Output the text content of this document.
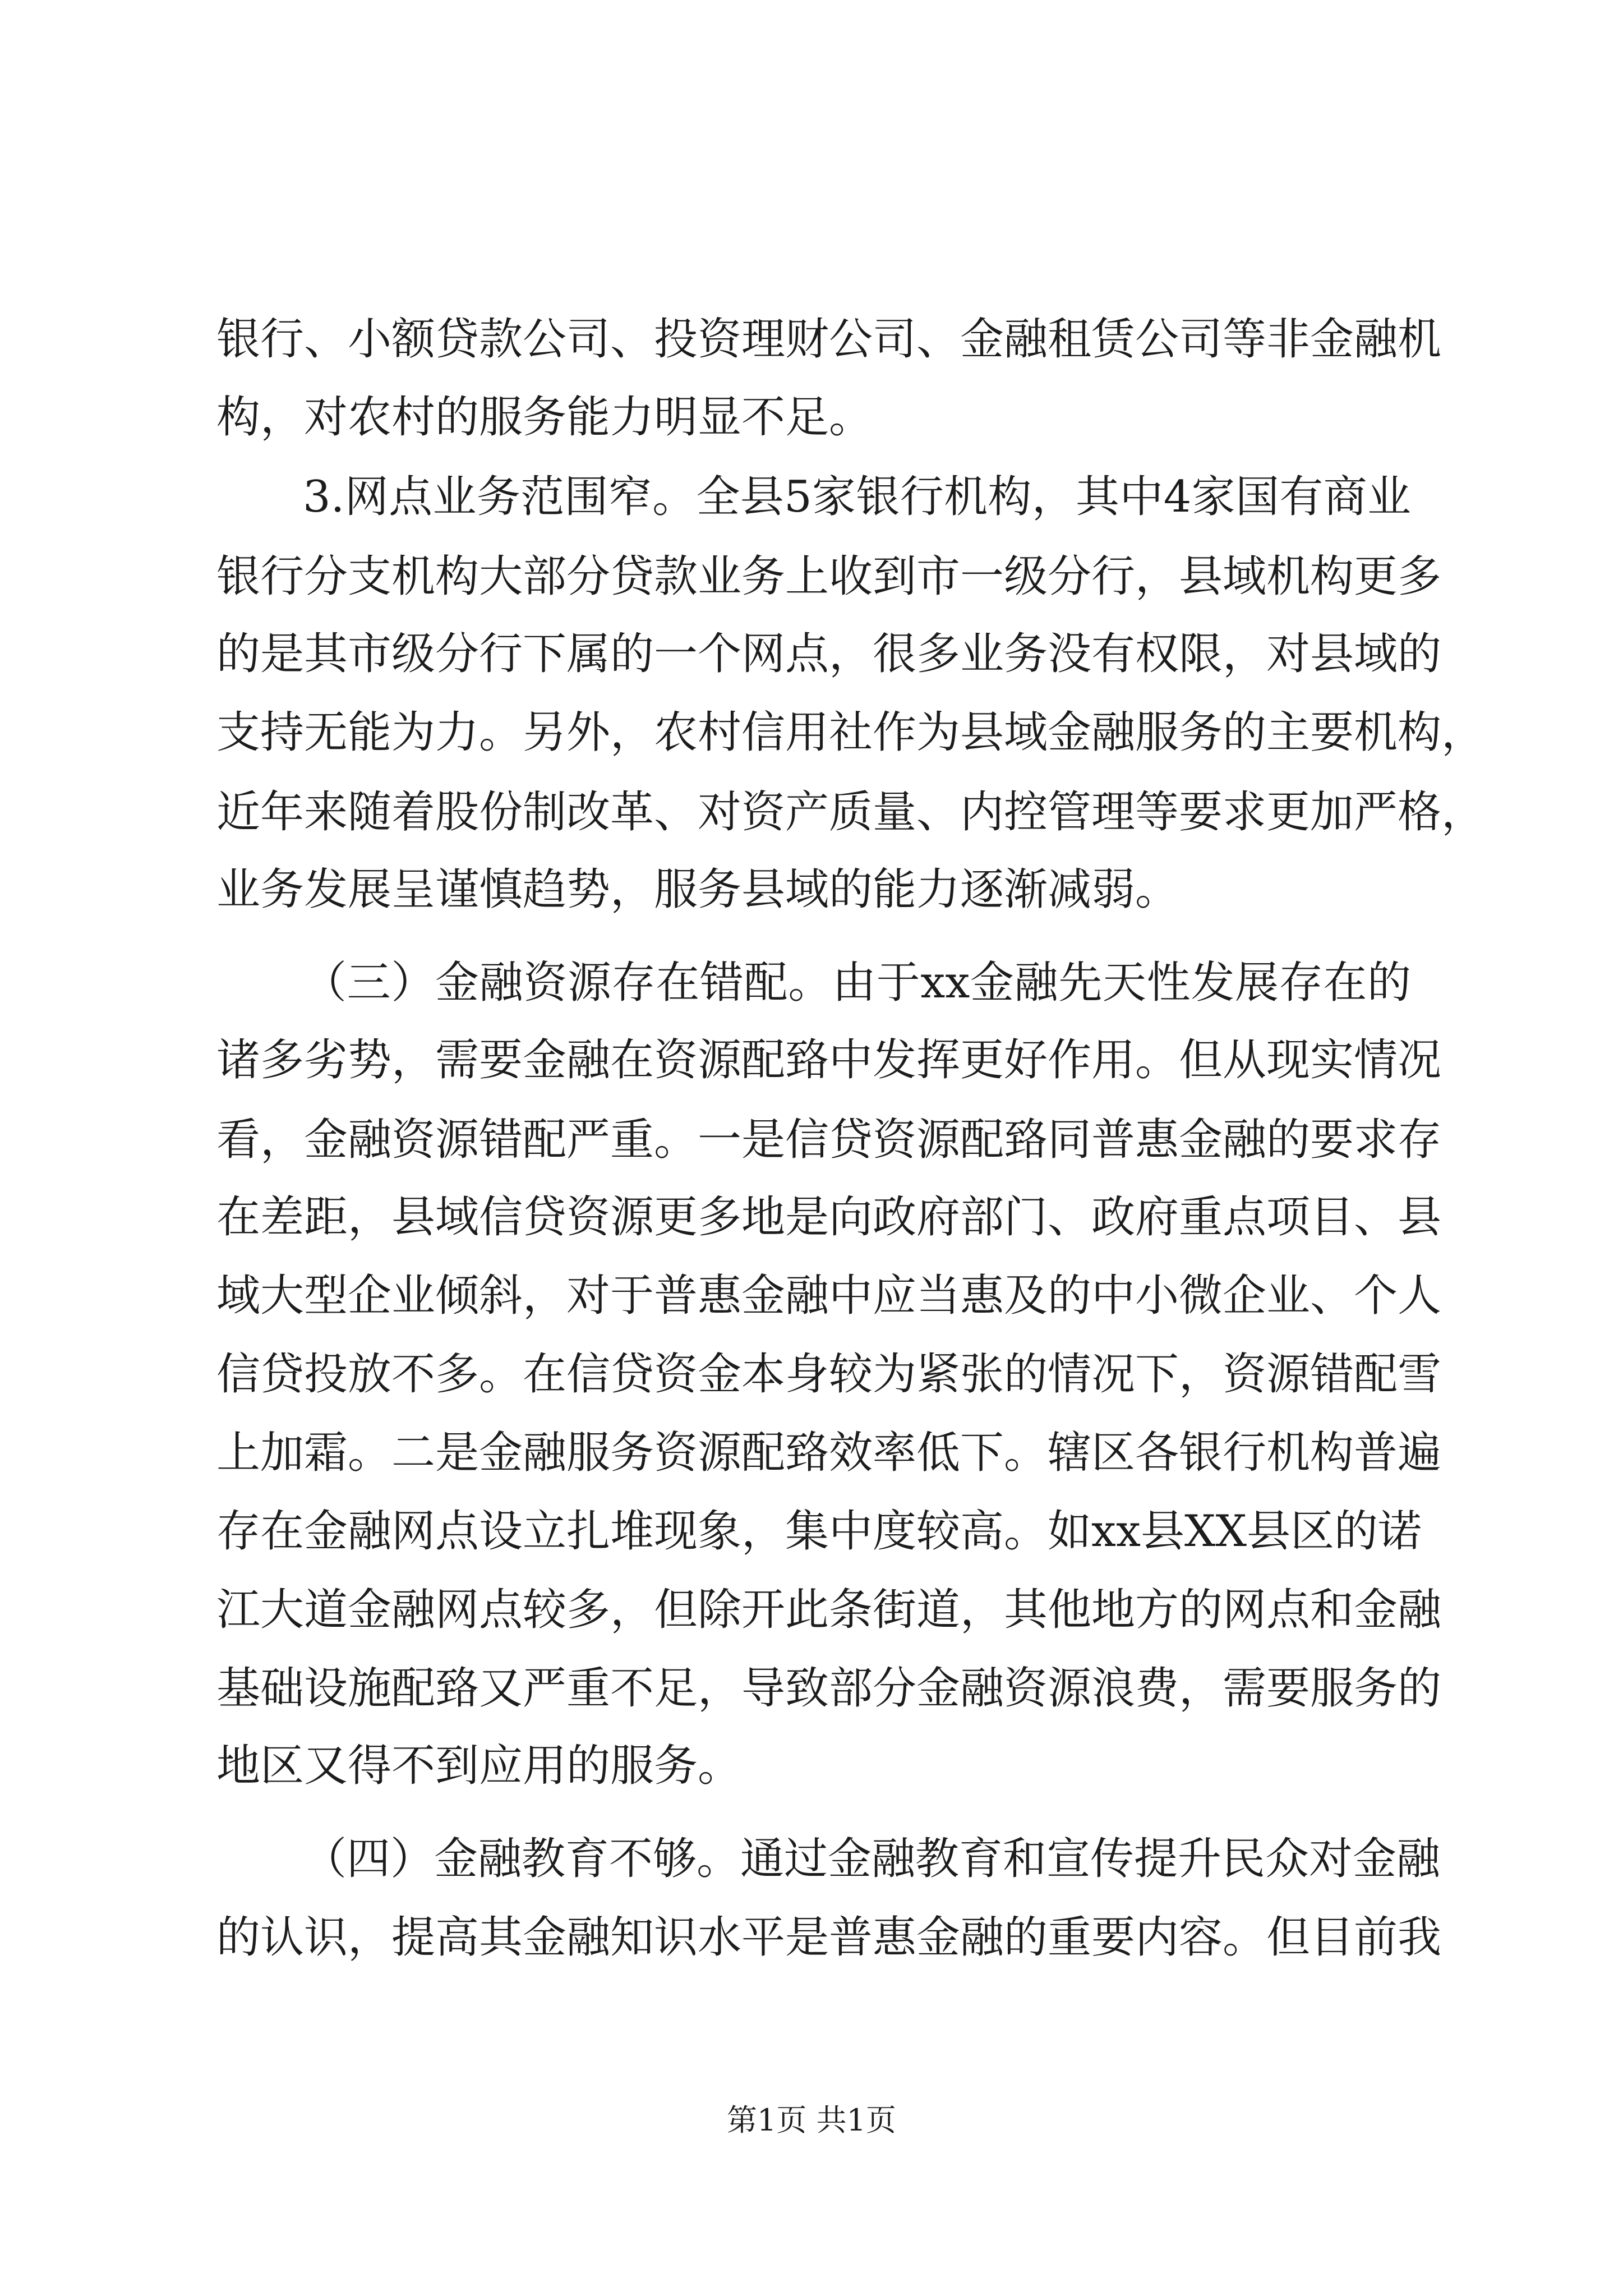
银行、小额贷款公司、投资理财公司、金融租赁公司等非金融机
构，对农村的服务能力明显不足。
3.网点业务范围窄。全县5家银行机构，其中4家国有商业
银行分支机构大部分贷款业务上收到市一级分行，县域机构更多
的是其市级分行下属的一个网点，很多业务没有权限，对县域的
支持无能为力。另外，农村信用社作为县域金融服务的主要机构，
近年来随着股份制改革、对资产质量、内控管理等要求更加严格，
业务发展呈谨慎趋势，服务县域的能力逐渐减弱。
（三）金融资源存在错配。由于xx金融先天性发展存在的
诸多劣势，需要金融在资源配臵中发挥更好作用。但从现实情况
看，金融资源错配严重。一是信贷资源配臵同普惠金融的要求存
在差距，县域信贷资源更多地是向政府部门、政府重点项目、县
域大型企业倾斜，对于普惠金融中应当惠及的中小微企业、个人
信贷投放不多。在信贷资金本身较为紧张的情况下，资源错配雪
上加霜。二是金融服务资源配臵效率低下。辖区各银行机构普遍
存在金融网点设立扎堆现象，集中度较高。如xx县XX县区的诺
江大道金融网点较多，但除开此条街道，其他地方的网点和金融
基础设施配臵又严重不足，导致部分金融资源浪费，需要服务的
地区又得不到应用的服务。
（四）金融教育不够。通过金融教育和宣传提升民众对金融
的认识，提高其金融知识水平是普惠金融的重要内容。但目前我
第1页 共1页
